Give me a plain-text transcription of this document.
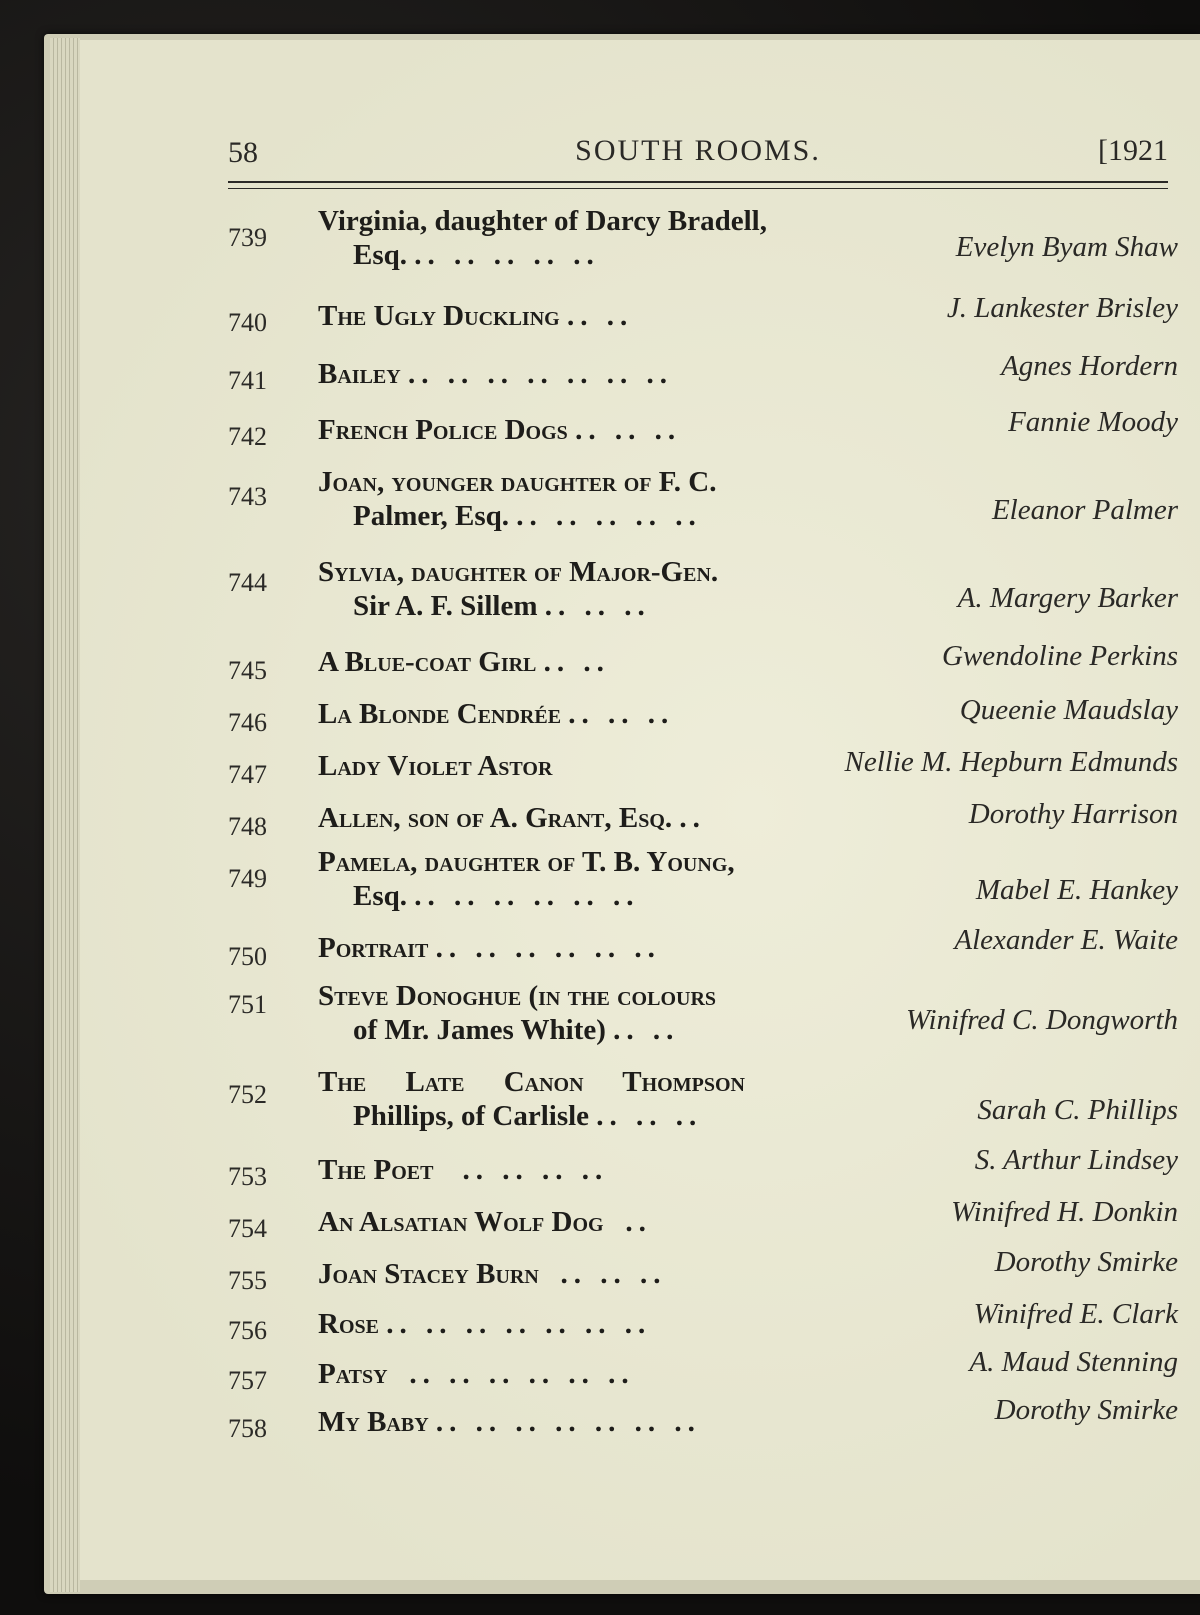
58	SOUTH ROOMS.	[1921
739
Virginia, daughter of Darcy Bradell,
Esq. .. .. .. .. ..	Evelyn Byam Shaw
740 The Ugly Duckling .. ..	J. Lankester Brisley
741 Bailey .. .. .. .. .. .. ..	Agnes Hordern
742 French Police Dogs .. .. ..	Fannie Moody
743 Joan, younger daughter of F. C.
Palmer, Esq. .. .. .. .. ..	Eleanor Palmer
744 Sylvia, daughter of Major-Gen.
Sir A. F. Sillem .. .. ..	A. Margery Barker
745 A Blue-coat Girl .. ..	Gwendoline Perkins
746 La Blonde Cendrée .. .. ..	Queenie Maudslay
747 Lady Violet Astor	Nellie M. Hepburn Edmunds
748 Allen, son of A. Grant, Esq. ..	Dorothy Harrison
749
Pamela, daughter of T. B. Young,
Esq. .. .. .. .. .. ..	Mabel E. Hankey
750 Portrait .. .. .. .. .. ..	Alexander E. Waite
751 Steve Donoghue (in the colours
of Mr. James White) .. ..	Winifred C. Dongworth
752 The Late Canon Thompson
Phillips, of Carlisle .. .. ..	Sarah C. Phillips
753 The Poet .. .. .. ..	S. Arthur Lindsey
754 An Alsatian Wolf Dog ..	Winifred H. Donkin
755 Joan Stacey Burn .. .. ..	Dorothy Smirke
756 Rose .. .. .. .. .. .. ..	Winifred E. Clark
757 Patsy .. .. .. .. .. ..	A. Maud Stenning
758 My Baby .. .. .. .. .. .. ..	Dorothy Smirke
